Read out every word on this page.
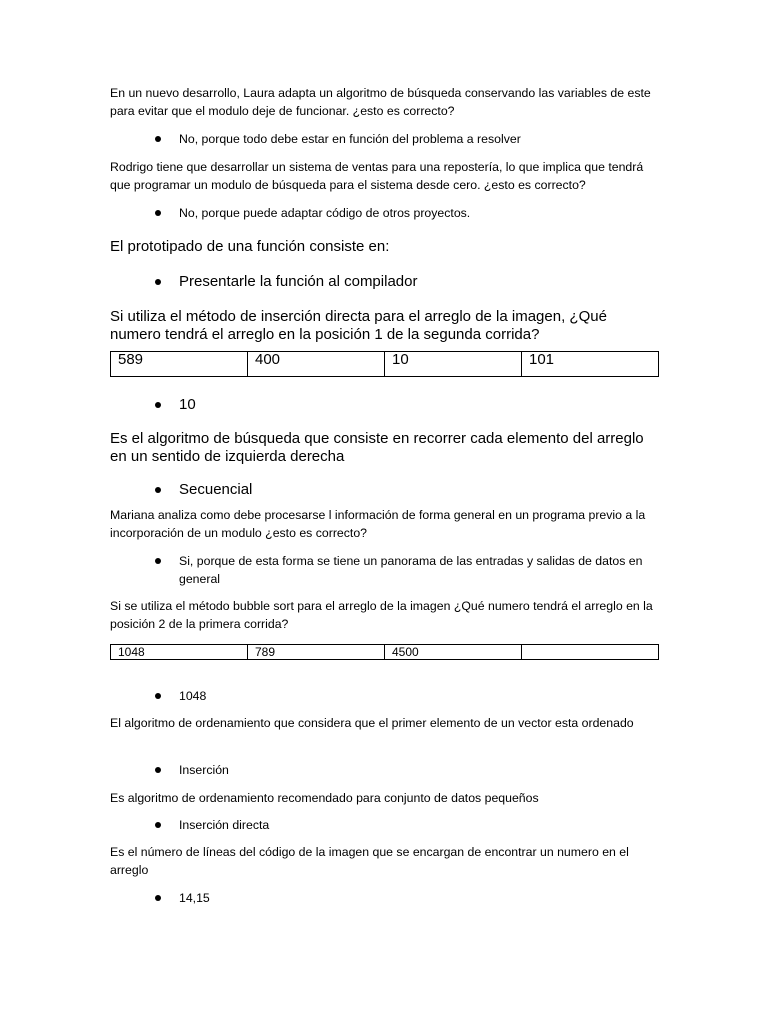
En un nuevo desarrollo, Laura adapta un algoritmo de búsqueda conservando las variables de este para evitar que el modulo deje de funcionar. ¿esto es correcto?

No, porque todo debe estar en función del problema a resolver

Rodrigo tiene que desarrollar un sistema de ventas para una repostería, lo que implica que tendrá que programar un modulo de búsqueda para el sistema desde cero. ¿esto es correcto?

No, porque puede adaptar código de otros proyectos.

El prototipado de una función consiste en:

Presentarle la función al compilador

Si utiliza el método de inserción directa para el arreglo de la imagen, ¿Qué numero tendrá el arreglo en la posición 1 de la segunda corrida?

589	400	10	101
10

Es el algoritmo de búsqueda que consiste en recorrer cada elemento del arreglo en un sentido de izquierda derecha

Secuencial

Mariana analiza como debe procesarse l información de forma general en un programa previo a la incorporación de un modulo ¿esto es correcto?

Si, porque de esta forma se tiene un panorama de las entradas y salidas de datos en general

Si se utiliza el método bubble sort para el arreglo de la imagen ¿Qué numero tendrá el arreglo en la posición 2 de la primera corrida?

1048	789	4500	
1048

El algoritmo de ordenamiento que considera que el primer elemento de un vector esta ordenado

Inserción

Es algoritmo de ordenamiento recomendado para conjunto de datos pequeños

Inserción directa

Es el número de líneas del código de la imagen que se encargan de encontrar un numero en el arreglo

14,15
